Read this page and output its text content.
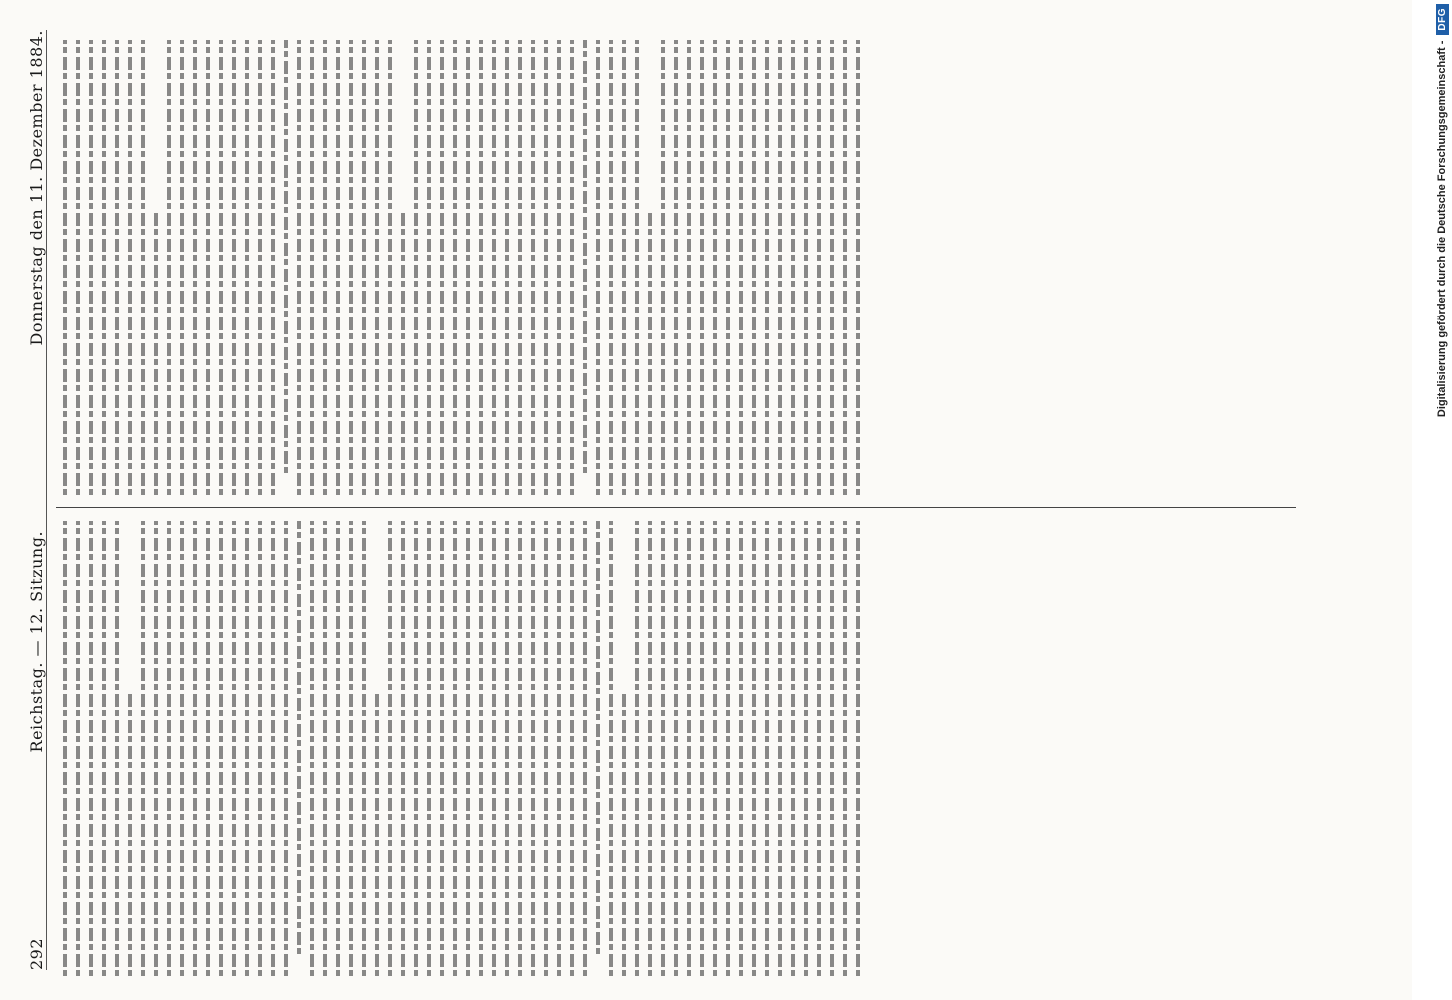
292
Reichstag. — 12. Sitzung.
Donnerstag den 11. Dezember 1884.	Digitalisierung gefördert durch die Deutsche Forschungsgemeinschaft -
DFG
